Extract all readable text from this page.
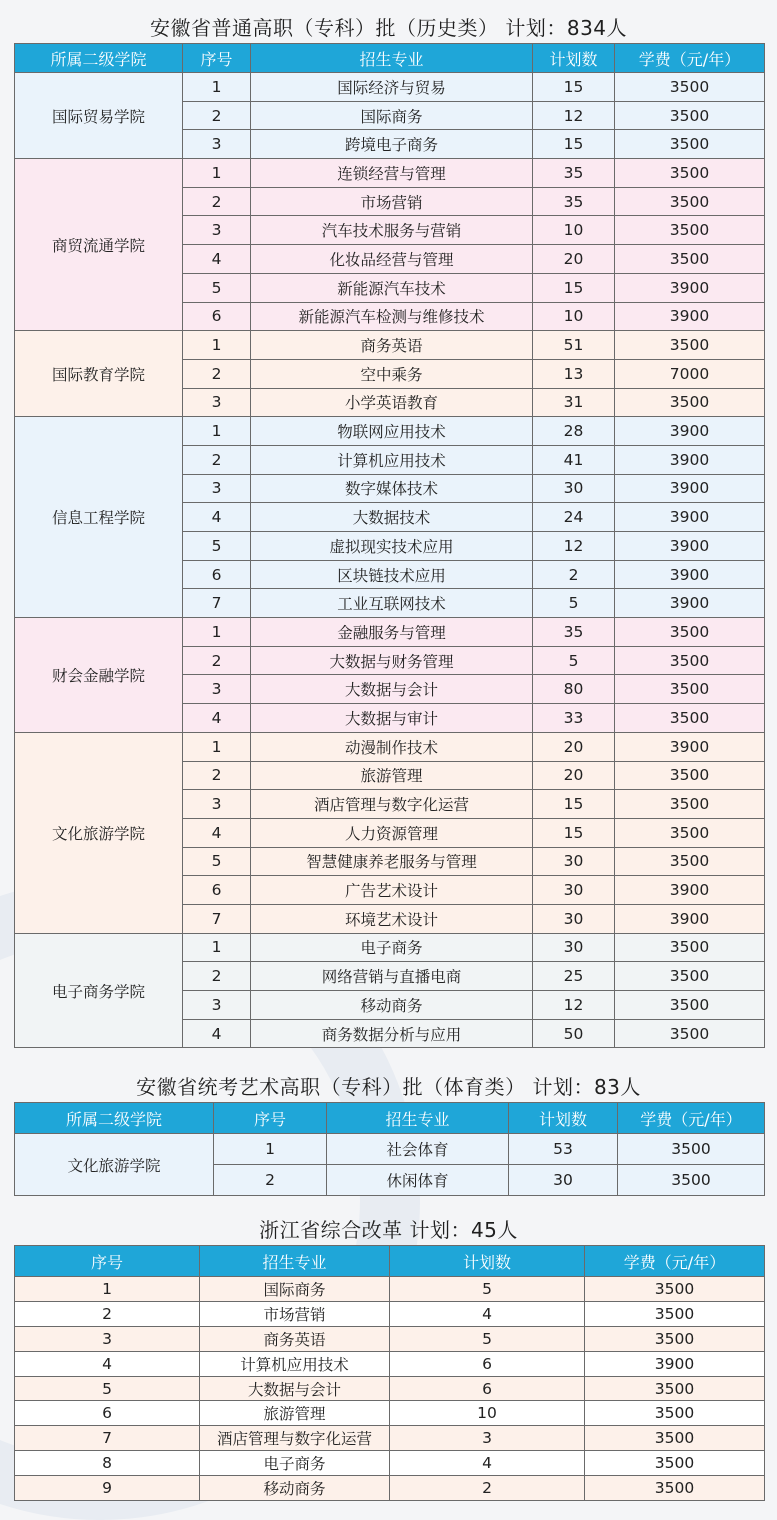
安徽省普通高职（专科）批（历史类） 计划：834人
所属二级学院	序号	招生专业	计划数	学费（元/年）
国际贸易学院	1	国际经济与贸易	15	3500
	2	国际商务	12	3500
	3	跨境电子商务	15	3500
商贸流通学院	1	连锁经营与管理	35	3500
	2	市场营销	35	3500
	3	汽车技术服务与营销	10	3500
	4	化妆品经营与管理	20	3500
	5	新能源汽车技术	15	3900
	6	新能源汽车检测与维修技术	10	3900
国际教育学院	1	商务英语	51	3500
	2	空中乘务	13	7000
	3	小学英语教育	31	3500
信息工程学院	1	物联网应用技术	28	3900
	2	计算机应用技术	41	3900
	3	数字媒体技术	30	3900
	4	大数据技术	24	3900
	5	虚拟现实技术应用	12	3900
	6	区块链技术应用	2	3900
	7	工业互联网技术	5	3900
财会金融学院	1	金融服务与管理	35	3500
	2	大数据与财务管理	5	3500
	3	大数据与会计	80	3500
	4	大数据与审计	33	3500
文化旅游学院	1	动漫制作技术	20	3900
	2	旅游管理	20	3500
	3	酒店管理与数字化运营	15	3500
	4	人力资源管理	15	3500
	5	智慧健康养老服务与管理	30	3500
	6	广告艺术设计	30	3900
	7	环境艺术设计	30	3900
电子商务学院	1	电子商务	30	3500
	2	网络营销与直播电商	25	3500
	3	移动商务	12	3500
	4	商务数据分析与应用	50	3500
安徽省统考艺术高职（专科）批（体育类） 计划：83人
所属二级学院	序号	招生专业	计划数	学费（元/年）
文化旅游学院	1	社会体育	53	3500
	2	休闲体育	30	3500
浙江省综合改革 计划：45人
序号	招生专业	计划数	学费（元/年）
1	国际商务	5	3500
2	市场营销	4	3500
3	商务英语	5	3500
4	计算机应用技术	6	3900
5	大数据与会计	6	3500
6	旅游管理	10	3500
7	酒店管理与数字化运营	3	3500
8	电子商务	4	3500
9	移动商务	2	3500
